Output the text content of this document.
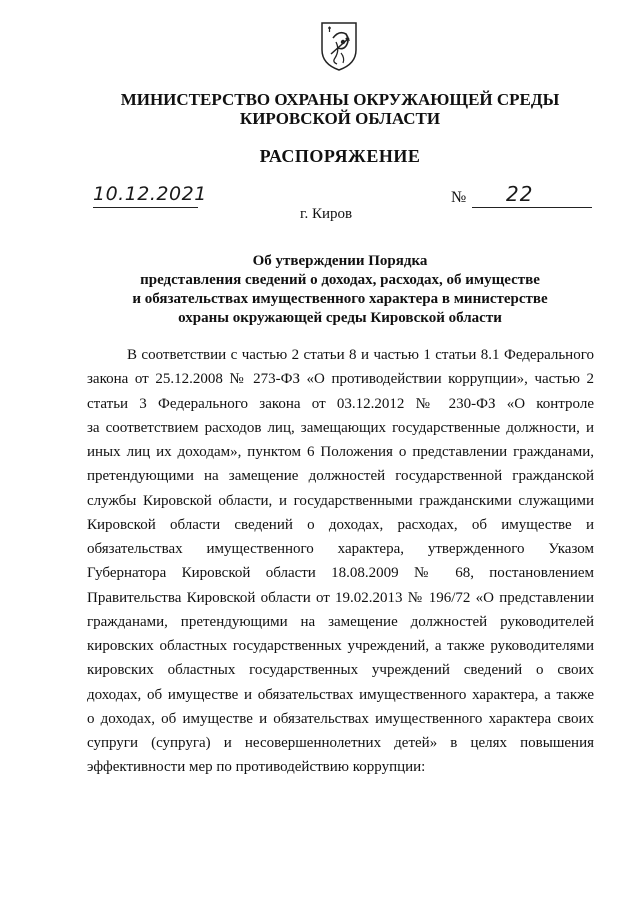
МИНИСТЕРСТВО ОХРАНЫ ОКРУЖАЮЩЕЙ СРЕДЫ
КИРОВСКОЙ ОБЛАСТИ
РАСПОРЯЖЕНИЕ
10.12.2021	№ 22
г. Киров
Об утверждении Порядка
представления сведений о доходах, расходах, об имуществе
и обязательствах имущественного характера в министерстве
охраны окружающей среды Кировской области
В соответствии с частью 2 статьи 8 и частью 1 статьи 8.1 Федерального
закона от 25.12.2008 № 273-ФЗ «О противодействии коррупции», частью 2
статьи 3 Федерального закона от 03.12.2012 № 230-ФЗ «О контроле
за соответствием расходов лиц, замещающих государственные должности, и
иных лиц их доходам», пунктом 6 Положения о представлении гражданами,
претендующими на замещение должностей государственной гражданской
службы Кировской области, и государственными гражданскими служащими
Кировской области сведений о доходах, расходах, об имуществе и
обязательствах имущественного характера, утвержденного Указом
Губернатора Кировской области 18.08.2009 № 68, постановлением
Правительства Кировской области от 19.02.2013 № 196/72 «О представлении
гражданами, претендующими на замещение должностей руководителей
кировских областных государственных учреждений, а также руководителями
кировских областных государственных учреждений сведений о своих
доходах, об имуществе и обязательствах имущественного характера, а также
о доходах, об имуществе и обязательствах имущественного характера своих
супруги (супруга) и несовершеннолетних детей» в целях повышения
эффективности мер по противодействию коррупции:
